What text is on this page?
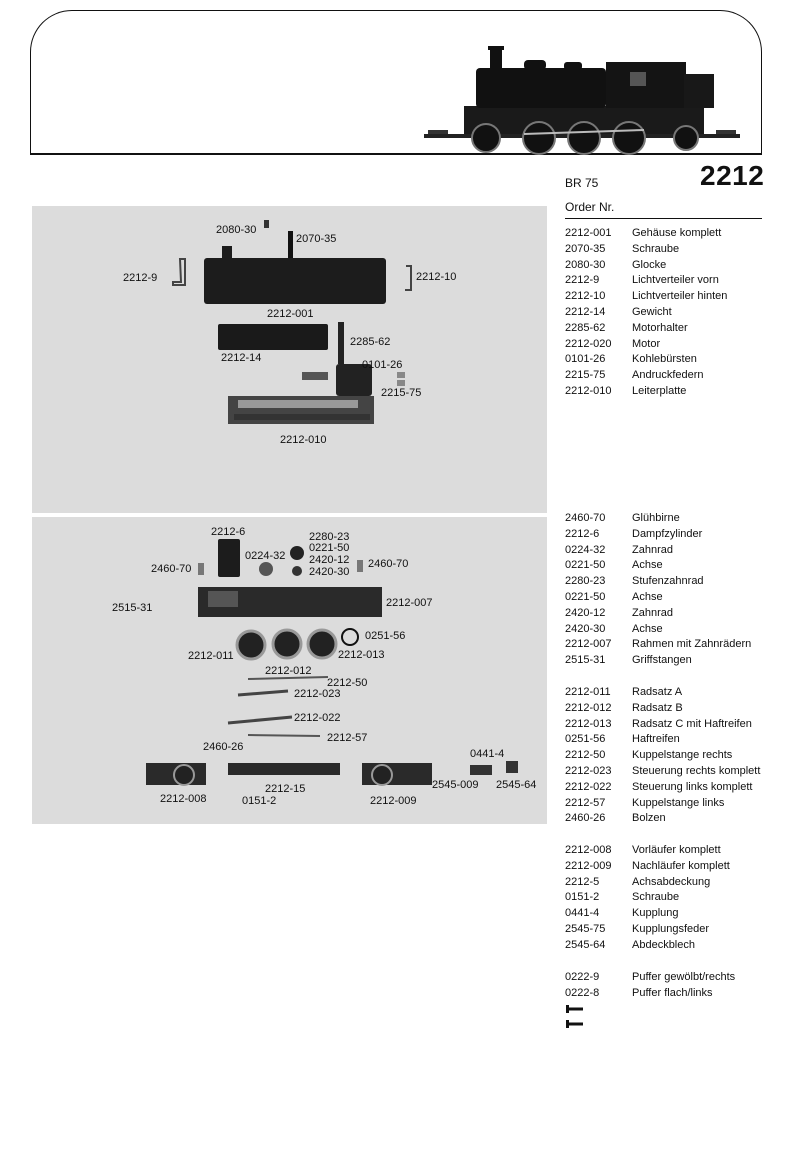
BR 75	2212
Order Nr.
2080-30
2070-35
2212-9	2212-10
2212-001
2212-14
2285-62
0101-26
2215-75
2212-010
2212-6	2280-23
0221-50
0224-32 2420-12
2460-70	2420-30
2460-70
2515-31	2212-007
0251-56
2212-011	2212-013
2212-012
2212-50
2212-023
2212-022
2460-26
2212-57
0441-4
2212-008
2212-15	2545-009 2545-64
0151-2	2212-009
2212-001 Gehäuse komplett
2070-35 Schraube
2080-30 Glocke
2212-9	Lichtverteiler vorn
2212-10 Lichtverteiler hinten
2212-14 Gewicht
2285-62 Motorhalter
2212-020 Motor
0101-26 Kohlebürsten
2215-75 Andruckfedern
2212-010 Leiterplatte
2460-70 Glühbirne
2212-6	Dampfzylinder
0224-32 Zahnrad
0221-50 Achse
2280-23 Stufenzahnrad
0221-50 Achse
2420-12 Zahnrad
2420-30 Achse
2212-007 Rahmen mit Zahnrädern
2515-31 Griffstangen
2212-011 Radsatz A
2212-012 Radsatz B
2212-013 Radsatz C mit Haftreifen
0251-56 Haftreifen
2212-50 Kuppelstange rechts
2212-023 Steuerung rechts komplett
2212-022 Steuerung links komplett
2212-57 Kuppelstange links
2460-26 Bolzen
2212-008 Vorläufer komplett
2212-009 Nachläufer komplett
2212-5	Achsabdeckung
0151-2	Schraube
0441-4	Kupplung
2545-75 Kupplungsfeder
2545-64 Abdeckblech
0222-9	Puffer gewölbt/rechts
0222-8	Puffer flach/links
